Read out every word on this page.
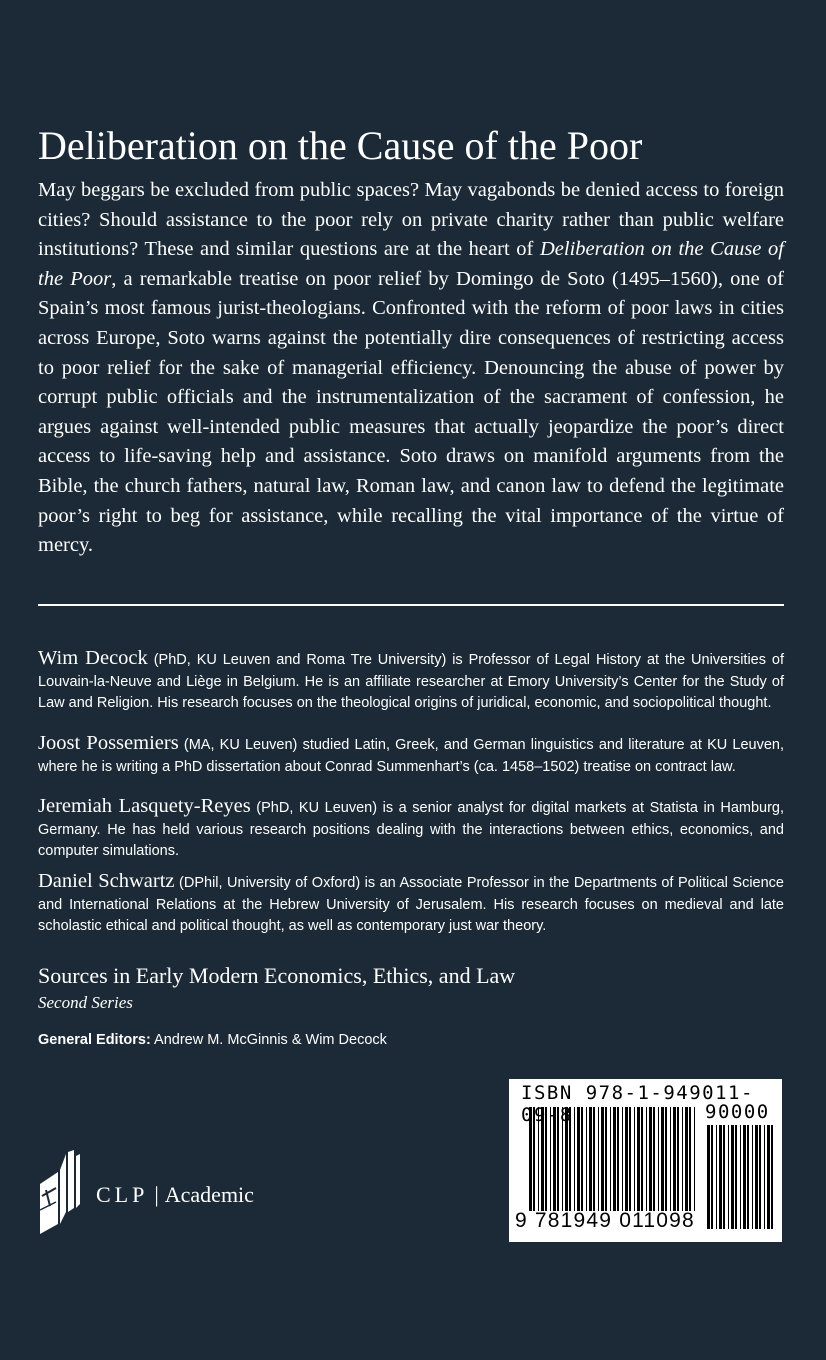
Deliberation on the Cause of the Poor

May beggars be excluded from public spaces? May vagabonds be denied access to foreign cities? Should assistance to the poor rely on private charity rather than public welfare institutions? These and similar questions are at the heart of Deliberation on the Cause of the Poor, a remarkable treatise on poor relief by Domingo de Soto (1495–1560), one of Spain’s most famous jurist-theologians. Confronted with the reform of poor laws in cities across Europe, Soto warns against the potentially dire consequences of restricting access to poor relief for the sake of managerial efficiency. Denouncing the abuse of power by corrupt public officials and the instrumentalization of the sacrament of confession, he argues against well-intended public measures that actually jeopardize the poor’s direct access to life-saving help and assistance. Soto draws on manifold arguments from the Bible, the church fathers, natural law, Roman law, and canon law to defend the legitimate poor’s right to beg for assistance, while recalling the vital importance of the virtue of mercy.

Wim Decock (PhD, KU Leuven and Roma Tre University) is Professor of Legal History at the Universities of Louvain-la-Neuve and Liège in Belgium. He is an affiliate researcher at Emory University’s Center for the Study of Law and Religion. His research focuses on the theological origins of juridical, economic, and sociopolitical thought.

Joost Possemiers (MA, KU Leuven) studied Latin, Greek, and German linguistics and literature at KU Leuven, where he is writing a PhD dissertation about Conrad Summenhart’s (ca. 1458–1502) treatise on contract law.

Jeremiah Lasquety-Reyes (PhD, KU Leuven) is a senior analyst for digital markets at Statista in Hamburg, Germany. He has held various research positions dealing with the interactions between ethics, economics, and computer simulations.

Daniel Schwartz (DPhil, University of Oxford) is an Associate Professor in the Departments of Political Science and International Relations at the Hebrew University of Jerusalem. His research focuses on medieval and late scholastic ethical and political thought, as well as contemporary just war theory.

Sources in Early Modern Economics, Ethics, and Law
Second Series
General Editors: Andrew M. McGinnis & Wim Decock
CLP | Academic
ISBN 978-1-949011-09-8	90000
9 781949 011098
